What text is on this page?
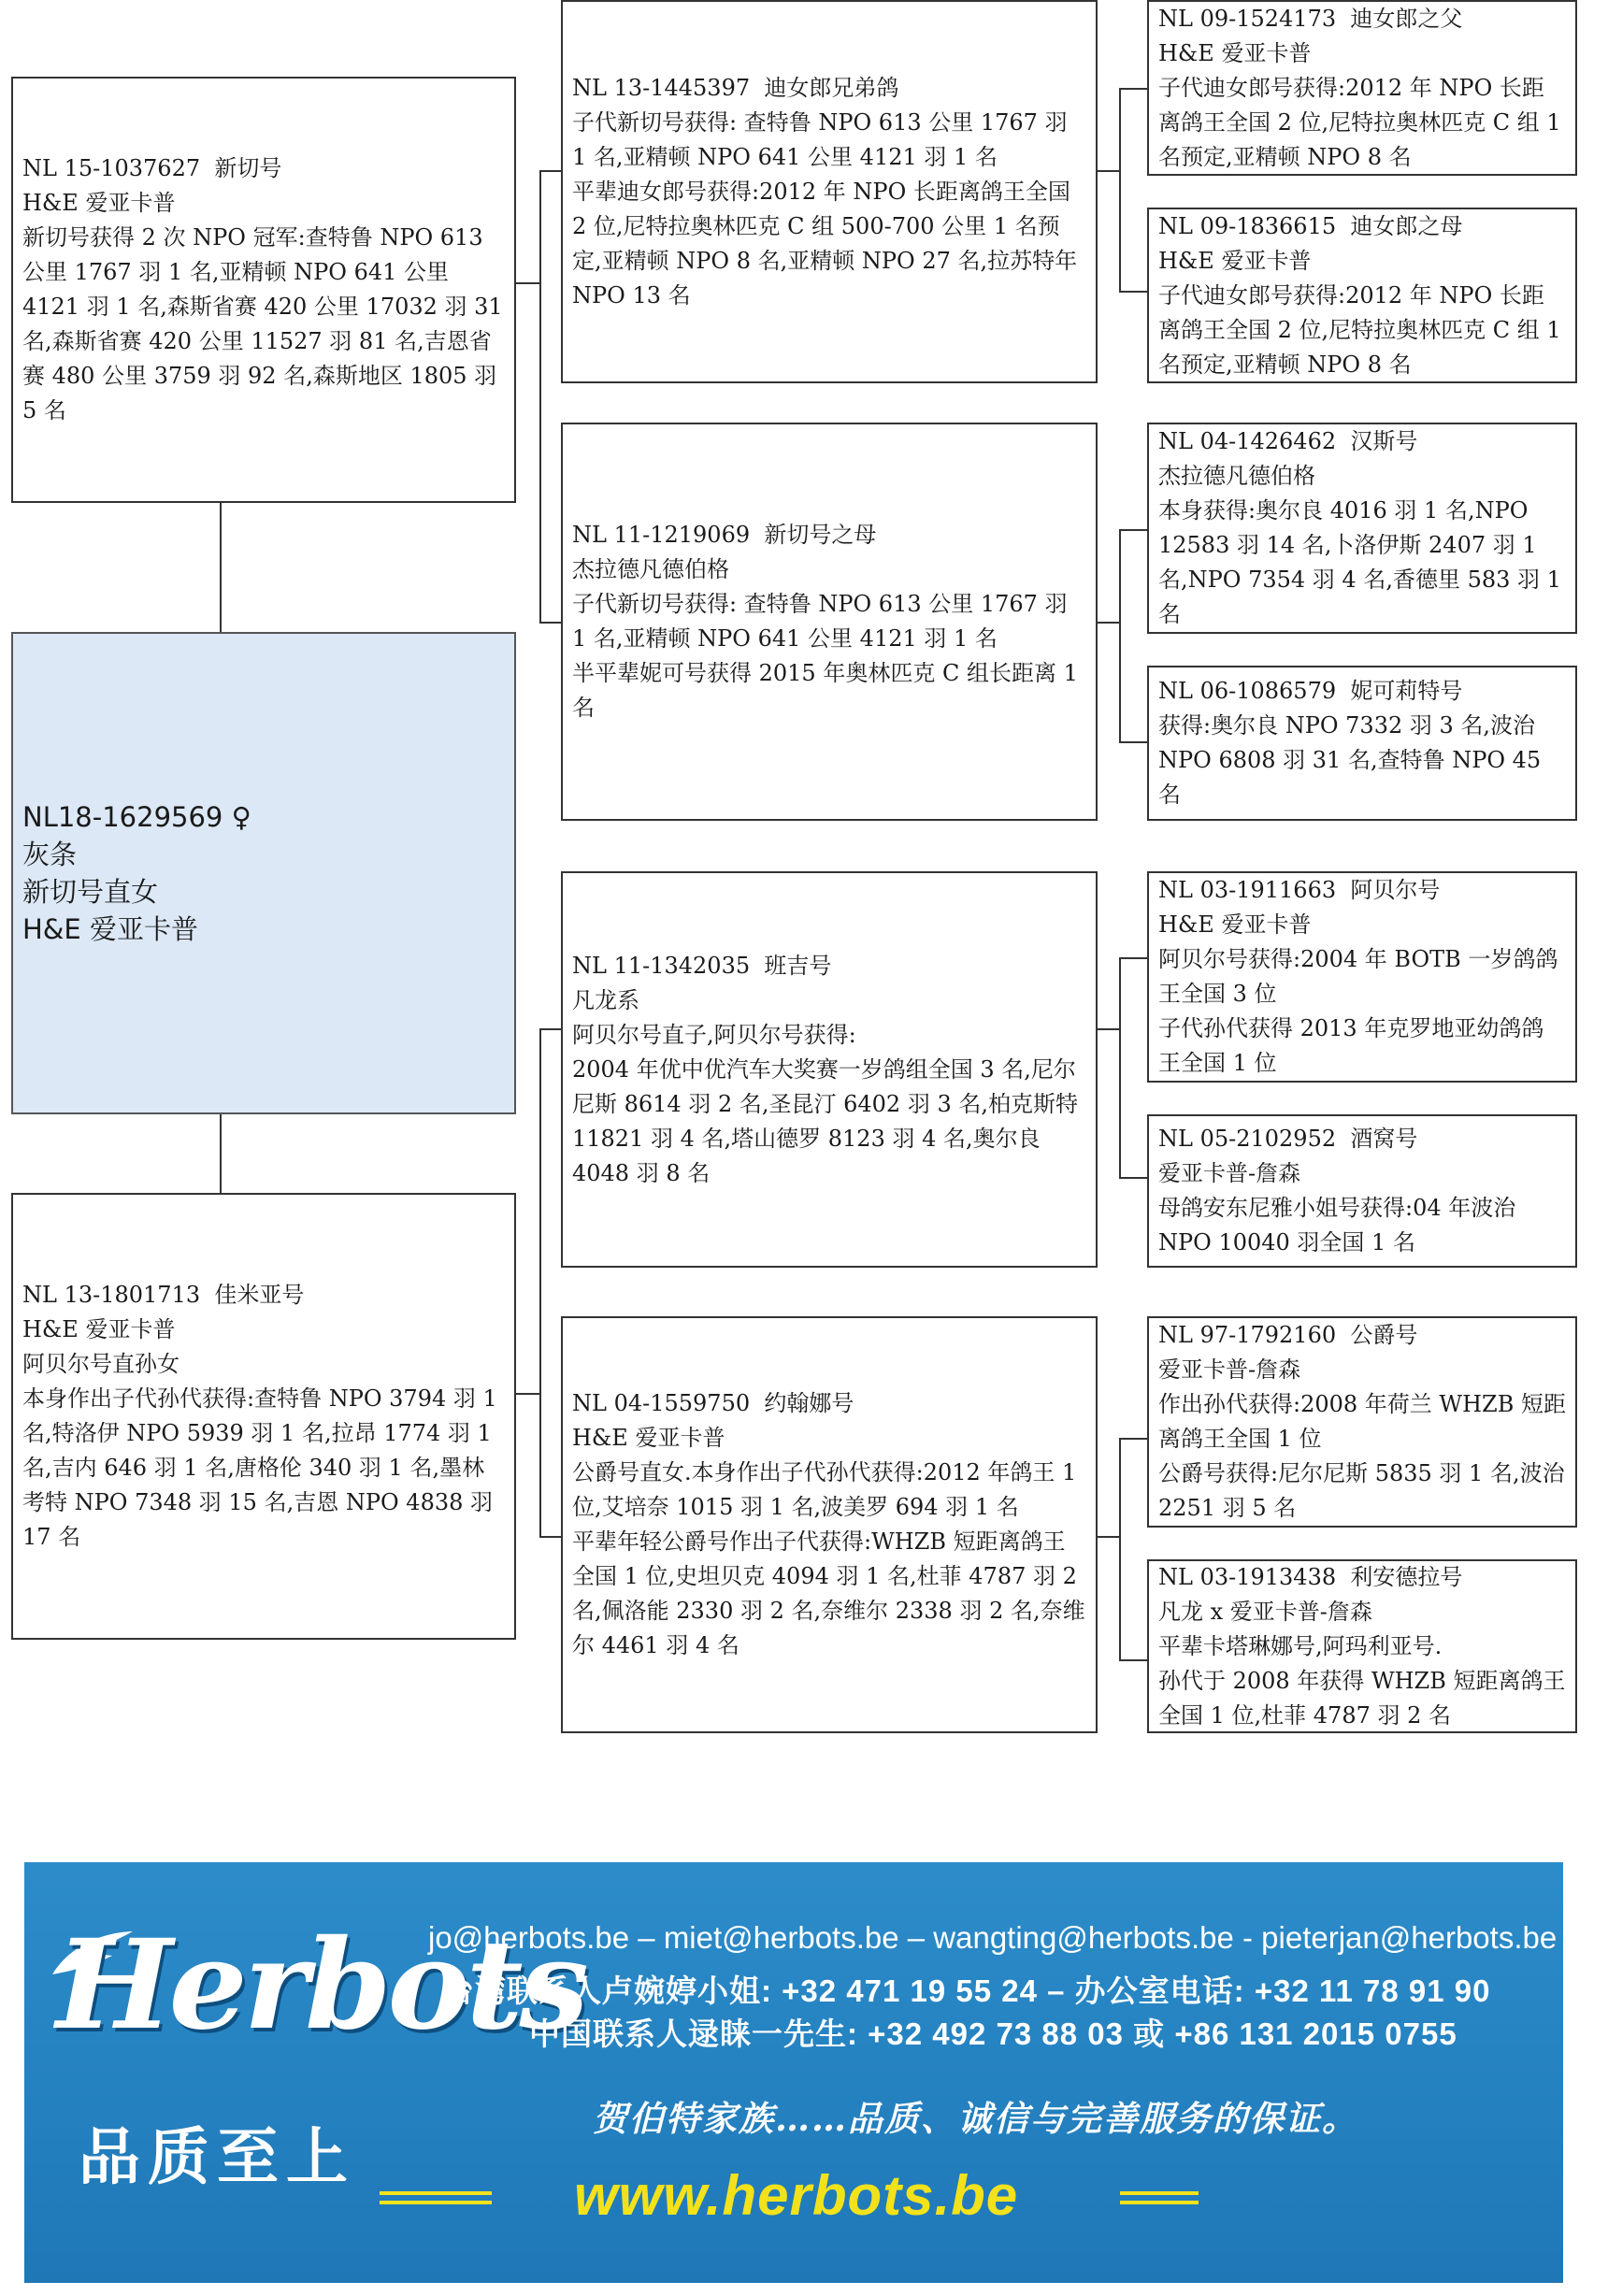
NL 15-1037627  新切号
H&E 爱亚卡普
新切号获得 2 次 NPO 冠军:查特鲁 NPO 613 公里 1767 羽 1 名,亚精顿 NPO 641 公里 4121 羽 1 名,森斯省赛 420 公里 17032 羽 31 名,森斯省赛 420 公里 11527 羽 81 名,吉恩省赛 480 公里 3759 羽 92 名,森斯地区 1805 羽 5 名
NL18-1629569 ♀
灰条
新切号直女
H&E 爱亚卡普
NL 13-1801713  佳米亚号
H&E 爱亚卡普
阿贝尔号直孙女
本身作出子代孙代获得:查特鲁 NPO 3794 羽 1 名,特洛伊 NPO 5939 羽 1 名,拉昂 1774 羽 1 名,吉内 646 羽 1 名,唐格伦 340 羽 1 名,墨林考特 NPO 7348 羽 15 名,吉恩 NPO 4838 羽 17 名
NL 13-1445397  迪女郎兄弟鸽
子代新切号获得: 查特鲁 NPO 613 公里 1767 羽 1 名,亚精顿 NPO 641 公里 4121 羽 1 名
平辈迪女郎号获得:2012 年 NPO 长距离鸽王全国 2 位,尼特拉奥林匹克 C 组 500-700 公里 1 名预定,亚精顿 NPO 8 名,亚精顿 NPO 27 名,拉苏特年 NPO 13 名
NL 11-1219069  新切号之母
杰拉德凡德伯格
子代新切号获得: 查特鲁 NPO 613 公里 1767 羽 1 名,亚精顿 NPO 641 公里 4121 羽 1 名
半平辈妮可号获得 2015 年奥林匹克 C 组长距离 1 名
NL 11-1342035  班吉号
凡龙系
阿贝尔号直子,阿贝尔号获得:
2004 年优中优汽车大奖赛一岁鸽组全国 3 名,尼尔尼斯 8614 羽 2 名,圣昆汀 6402 羽 3 名,柏克斯特 11821 羽 4 名,塔山德罗 8123 羽 4 名,奥尔良 4048 羽 8 名
NL 04-1559750  约翰娜号
H&E 爱亚卡普
公爵号直女.本身作出子代孙代获得:2012 年鸽王 1 位,艾培奈 1015 羽 1 名,波美罗 694 羽 1 名
平辈年轻公爵号作出子代获得:WHZB 短距离鸽王全国 1 位,史坦贝克 4094 羽 1 名,杜菲 4787 羽 2 名,佩洛能 2330 羽 2 名,奈维尔 2338 羽 2 名,奈维尔 4461 羽 4 名
NL 09-1524173  迪女郎之父
H&E 爱亚卡普
子代迪女郎号获得:2012 年 NPO 长距离鸽王全国 2 位,尼特拉奥林匹克 C 组 1 名预定,亚精顿 NPO 8 名
NL 09-1836615  迪女郎之母
H&E 爱亚卡普
子代迪女郎号获得:2012 年 NPO 长距离鸽王全国 2 位,尼特拉奥林匹克 C 组 1 名预定,亚精顿 NPO 8 名
NL 04-1426462  汉斯号
杰拉德凡德伯格
本身获得:奥尔良 4016 羽 1 名,NPO 12583 羽 14 名,卜洛伊斯 2407 羽 1 名,NPO 7354 羽 4 名,香德里 583 羽 1 名
NL 06-1086579  妮可莉特号
获得:奥尔良 NPO 7332 羽 3 名,波治 NPO 6808 羽 31 名,查特鲁 NPO 45 名
NL 03-1911663  阿贝尔号
H&E 爱亚卡普
阿贝尔号获得:2004 年 BOTB 一岁鸽鸽王全国 3 位
子代孙代获得 2013 年克罗地亚幼鸽鸽王全国 1 位
NL 05-2102952  酒窝号
爱亚卡普-詹森
母鸽安东尼雅小姐号获得:04 年波治 NPO 10040 羽全国 1 名
NL 97-1792160  公爵号
爱亚卡普-詹森
作出孙代获得:2008 年荷兰 WHZB 短距离鸽王全国 1 位
公爵号获得:尼尔尼斯 5835 羽 1 名,波治 2251 羽 5 名
NL 03-1913438  利安德拉号
凡龙 x 爱亚卡普-詹森
平辈卡塔琳娜号,阿玛利亚号.
孙代于 2008 年获得 WHZB 短距离鸽王全国 1 位,杜菲 4787 羽 2 名
Herbots
品质至上
jo@herbots.be – miet@herbots.be – wangting@herbots.be - pieterjan@herbots.be
台湾联系人卢婉婷小姐: +32 471 19 55 24 – 办公室电话: +32 11 78 91 90
中国联系人逯睐一先生: +32 492 73 88 03 或 +86 131 2015 0755
贺伯特家族……品质、诚信与完善服务的保证。
www.herbots.be
